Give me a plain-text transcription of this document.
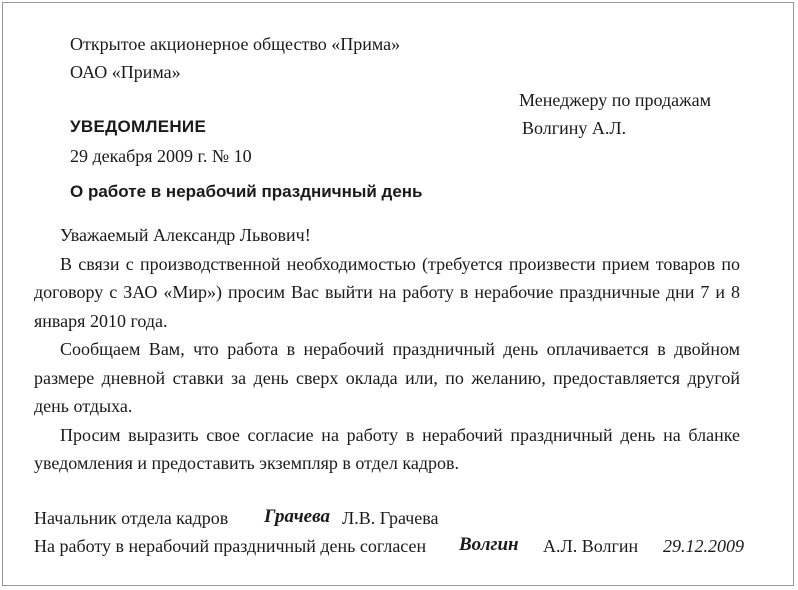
Открытое акционерное общество «Прима»
ОАО «Прима»
Менеджеру по продажам
Волгину А.Л.
УВЕДОМЛЕНИЕ
29 декабря 2009 г. № 10
О работе в нерабочий праздничный день

Уважаемый Александр Львович!

В связи с производственной необходимостью (требуется произвести прием товаров по договору с ЗАО «Мир») просим Вас выйти на работу в нерабочие праздничные дни 7 и 8 января 2010 года.

Сообщаем Вам, что работа в нерабочий праздничный день оплачивается в двойном размере дневной ставки за день сверх оклада или, по желанию, предоставляется другой день отдыха.

Просим выразить свое согласие на работу в нерабочий праздничный день на бланке уведомления и предоставить экземпляр в отдел кадров.

Начальник отдела кадров Грачева Л.В. Грачева
На работу в нерабочий праздничный день согласен Волгин А.Л. Волгин 29.12.2009
